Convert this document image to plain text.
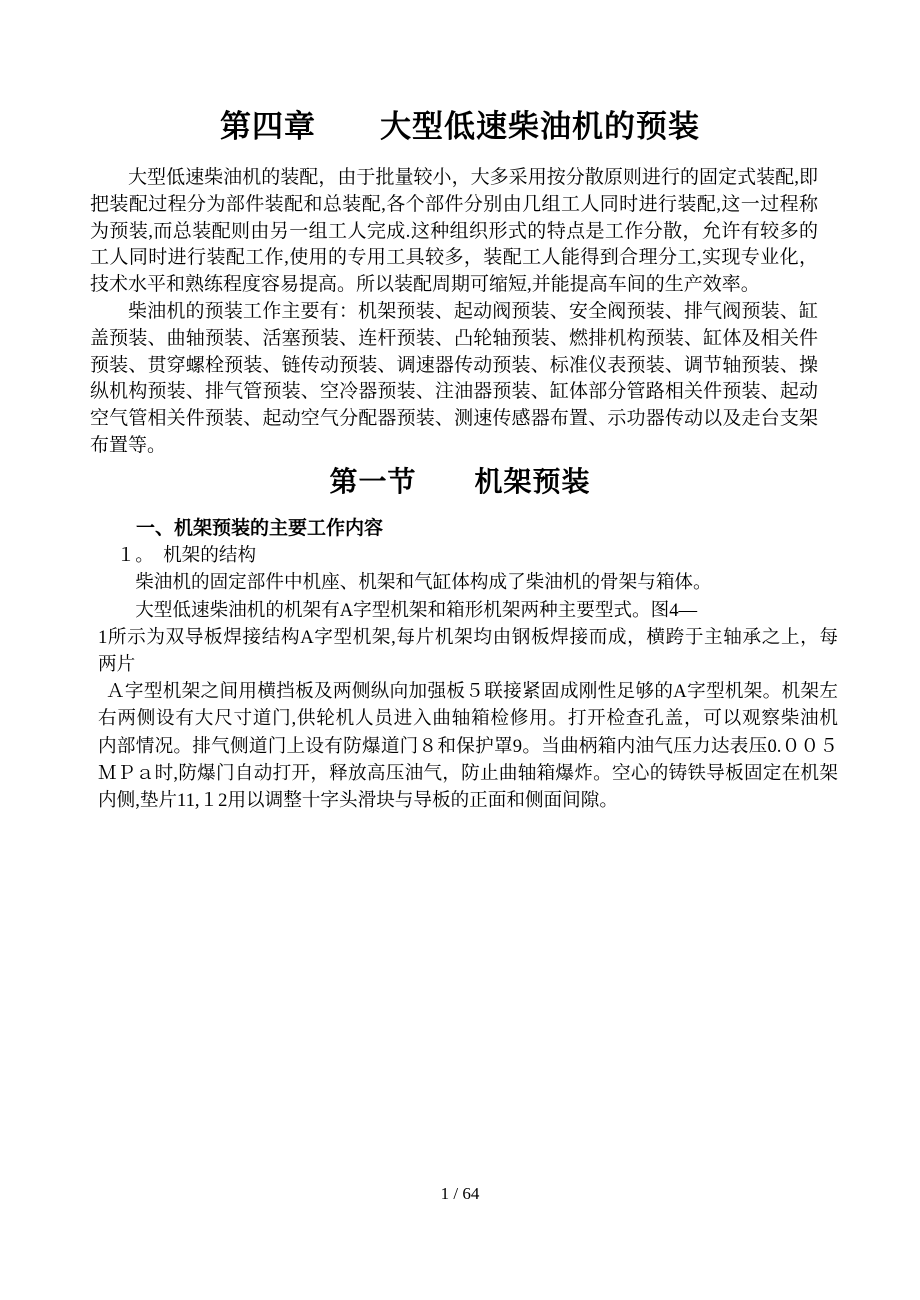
第四章　　大型低速柴油机的预装
大型低速柴油机的装配，由于批量较小，大多采用按分散原则进行的固定式装配,即
把装配过程分为部件装配和总装配,各个部件分别由几组工人同时进行装配,这一过程称
为预装,而总装配则由另一组工人完成.这种组织形式的特点是工作分散，允许有较多的
工人同时进行装配工作,使用的专用工具较多，装配工人能得到合理分工,实现专业化，
技术水平和熟练程度容易提高。所以装配周期可缩短,并能提高车间的生产效率。
柴油机的预装工作主要有：机架预装、起动阀预装、安全阀预装、排气阀预装、缸
盖预装、曲轴预装、活塞预装、连杆预装、凸轮轴预装、燃排机构预装、缸体及相关件
预装、贯穿螺栓预装、链传动预装、调速器传动预装、标准仪表预装、调节轴预装、操
纵机构预装、排气管预装、空冷器预装、注油器预装、缸体部分管路相关件预装、起动
空气管相关件预装、起动空气分配器预装、测速传感器布置、示功器传动以及走台支架
布置等。
第一节　　机架预装
一、机架预装的主要工作内容
１。　机架的结构
柴油机的固定部件中机座、机架和气缸体构成了柴油机的骨架与箱体。
大型低速柴油机的机架有A字型机架和箱形机架两种主要型式。图4—
1所示为双导板焊接结构A字型机架,每片机架均由钢板焊接而成，横跨于主轴承之上，每
两片
Ａ字型机架之间用横挡板及两侧纵向加强板５联接紧固成刚性足够的A字型机架。机架左
右两侧设有大尺寸道门,供轮机人员进入曲轴箱检修用。打开检查孔盖，可以观察柴油机
内部情况。排气侧道门上设有防爆道门８和保护罩9。当曲柄箱内油气压力达表压0.００５
ＭＰａ时,防爆门自动打开，释放高压油气，防止曲轴箱爆炸。空心的铸铁导板固定在机架
内侧,垫片11,１2用以调整十字头滑块与导板的正面和侧面间隙。
1 / 64
